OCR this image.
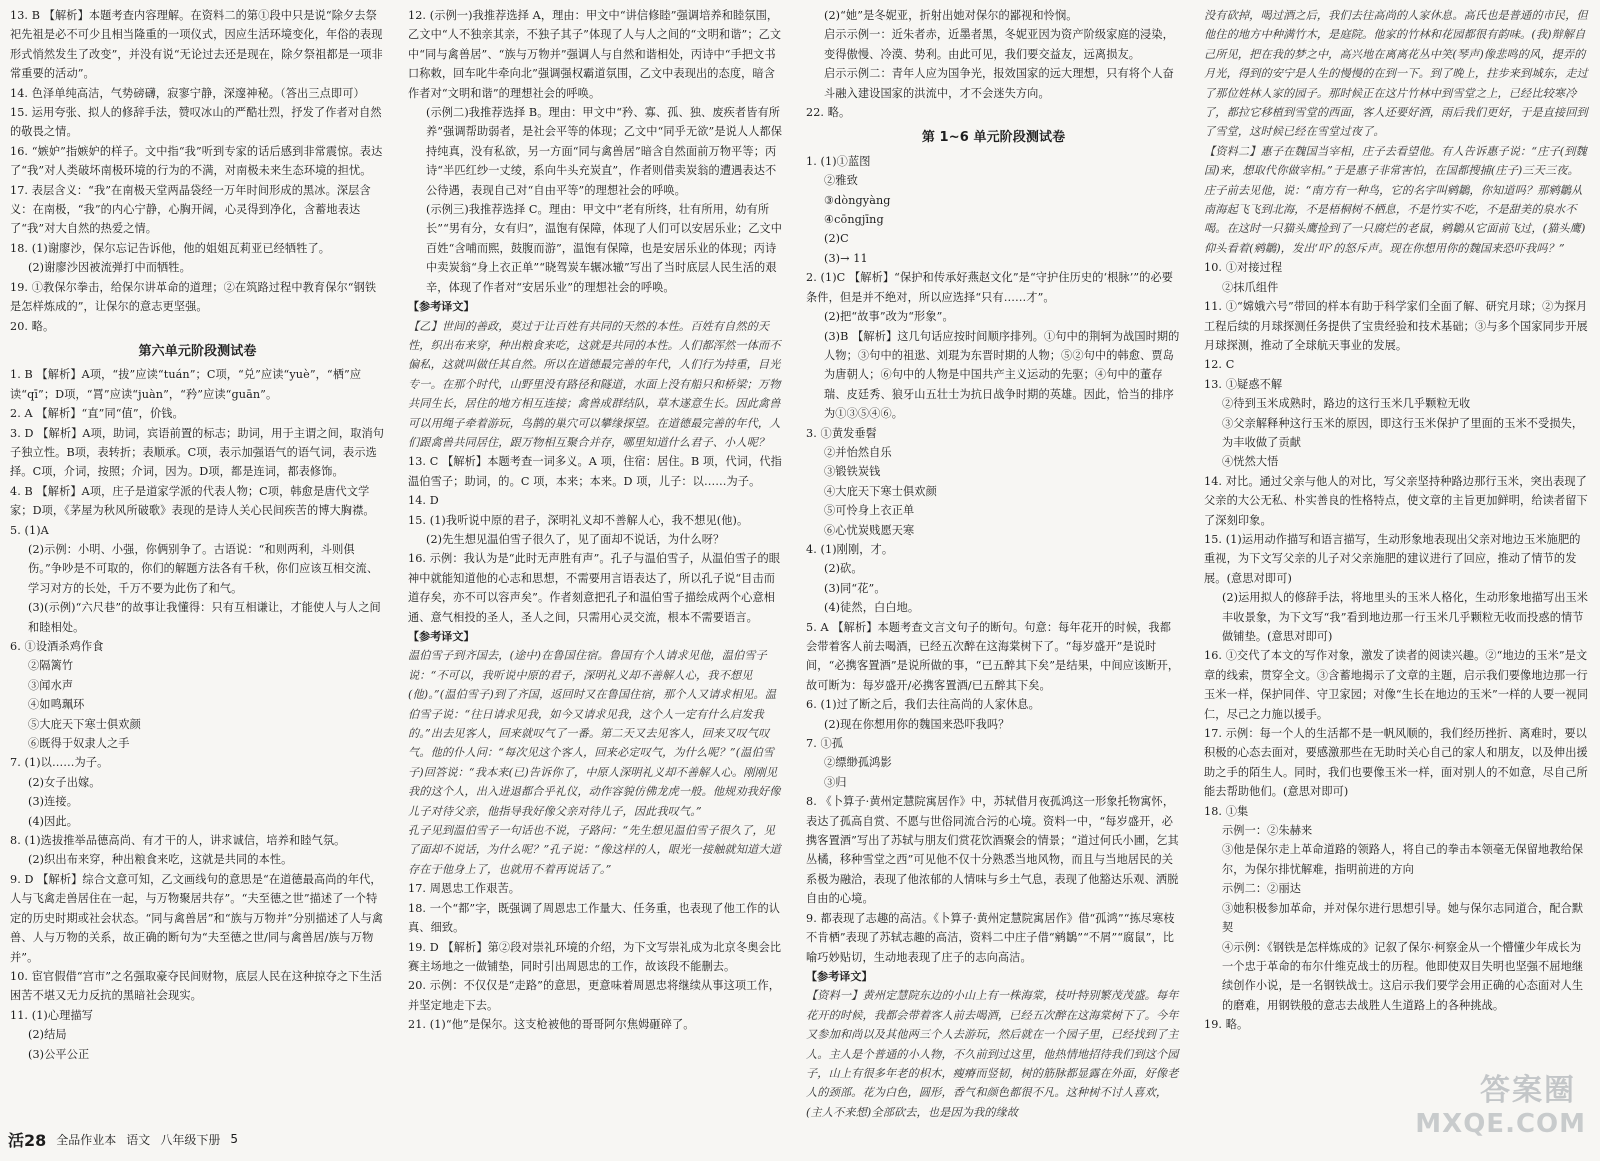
13. B 【解析】本题考查内容理解。在资料二的第①段中只是说“除夕去祭祀先祖是必不可少且相当隆重的一项仪式，因应生活环境变化，年俗的表现形式悄然发生了改变”，并没有说“无论过去还是现在，除夕祭祖都是一项非常重要的活动”。

14. 色泽单纯高洁，气势磅礴，寂寥宁静，深邃神秘。（答出三点即可）

15. 运用夸张、拟人的修辞手法，赞叹冰山的严酷壮烈，抒发了作者对自然的敬畏之情。

16. “嫉妒”指嫉妒的样子。文中指“我”听到专家的话后感到非常震惊。表达了“我”对人类破坏南极环境的行为的不满，对南极未来生态环境的担忧。

17. 表层含义：“我”在南极天堂两晶袋经一万年时间形成的黑冰。深层含义：在南极，“我”的内心宁静，心胸开阔，心灵得到净化，含蓄地表达了“我”对大自然的热爱之情。

18. (1)谢廖沙，保尔忘记告诉他，他的姐姐瓦莉亚已经牺牲了。

(2)谢廖沙因被流弹打中而牺牲。

19. ①教保尔拳击，给保尔讲革命的道理；②在筑路过程中教育保尔“钢铁是怎样炼成的”，让保尔的意志更坚强。

20. 略。

第六单元阶段测试卷

1. B 【解析】A项，“拔”应读“tuán”；C项，“兑”应读“yuè”，“栖”应读“qī”；D项，“罥”应读“juàn”，“矜”应读“guān”。

2. A 【解析】“直”同“值”，价钱。

3. D 【解析】A项，助词，宾语前置的标志；助词，用于主谓之间，取消句子独立性。B项，表转折；表顺承。C项，表示加强语气的语气词，表示选择。C项，介词，按照；介词，因为。D项，都是连词，都表修饰。

4. B 【解析】A项，庄子是道家学派的代表人物；C项，韩愈是唐代文学家；D项，《茅屋为秋风所破歌》表现的是诗人关心民间疾苦的博大胸襟。

5. (1)A

(2)示例：小明、小强，你俩别争了。古语说：“和则两利，斗则俱伤。”争吵是不可取的，你们的解题方法各有千秋，你们应该互相交流、学习对方的长处，千万不要为此伤了和气。

(3)(示例)“六尺巷”的故事让我懂得：只有互相谦让，才能使人与人之间和睦相处。

6. ①设酒杀鸡作食

②隔篱竹

③闻水声

④如鸣珮环

⑤大庇天下寒士俱欢颜

⑥既得于奴隶人之手

7. (1)以……为子。

(2)女子出嫁。

(3)连接。

(4)因此。

8. (1)选拔推举品德高尚、有才干的人，讲求诚信，培养和睦气氛。

(2)织出布来穿，种出粮食来吃，这就是共同的本性。

9. D 【解析】综合文意可知，乙文画线句的意思是“在道德最高尚的年代，人与飞禽走兽居住在一起，与万物聚居共存”。“夫至德之世”描述了一个特定的历史时期或社会状态。“同与禽兽居”和“族与万物并”分别描述了人与禽兽、人与万物的关系，故正确的断句为“夫至德之世/同与禽兽居/族与万物并”。

10. 宦官假借“宫市”之名强取豪夺民间财物，底层人民在这种掠夺之下生活困苦不堪又无力反抗的黑暗社会现实。

11. (1)心理描写

(2)结局

(3)公平公正

12. (示例一)我推荐选择 A，理由：甲文中“讲信修睦”强调培养和睦氛围，乙文中“人不独亲其亲，不独子其子”体现了人与人之间的“文明和谐”；乙文中“同与禽兽居”、“族与万物并”强调人与自然和谐相处，丙诗中“手把文书口称敕，回车叱牛牵向北”强调强权霸道氛围，乙文中表现出的态度，暗含作者对“文明和谐”的理想社会的呼唤。

(示例二)我推荐选择 B。理由：甲文中“矜、寡、孤、独、废疾者皆有所养”强调帮助弱者，是社会平等的体现；乙文中“同乎无欲”是说人人都保持纯真，没有私欲，另一方面“同与禽兽居”暗含自然面前万物平等；丙诗“半匹红纱一丈绫，系向牛头充炭直”，作者则借卖炭翁的遭遇表达不公待遇，表现自己对“自由平等”的理想社会的呼唤。

(示例三)我推荐选择 C。理由：甲文中“老有所终，壮有所用，幼有所长”“男有分，女有归”，温饱有保障，体现了人们可以安居乐业；乙文中百姓“含哺而熙，鼓腹而游”，温饱有保障，也是安居乐业的体现；丙诗中卖炭翁“身上衣正单”“晓驾炭车辗冰辙”写出了当时底层人民生活的艰辛，体现了作者对“安居乐业”的理想社会的呼唤。

【参考译文】

【乙】世间的善政，莫过于让百姓有共同的天然的本性。百姓有自然的天性，织出布来穿，种出粮食来吃，这就是共同的本性。人们都浑然一体而不偏私，这就叫做任其自然。所以在道德最完善的年代，人们行为持重，目光专一。在那个时代，山野里没有路径和隧道，水面上没有船只和桥梁；万物共同生长，居住的地方相互连接；禽兽成群结队，草木遂意生长。因此禽兽可以用绳子牵着游玩，鸟鹊的巢穴可以攀缘探望。在道德最完善的年代，人们跟禽兽共同居住，跟万物相互聚合并存，哪里知道什么君子、小人呢？

13. C 【解析】本题考查一词多义。A 项，住宿：居住。B 项，代词，代指温伯雪子；助词，的。C 项，本来；本来。D 项，儿子：以……为子。

14. D

15. (1)我听说中原的君子，深明礼义却不善解人心，我不想见(他)。

(2)先生想见温伯雪子很久了，见了面却不说话，为什么呀？

16. 示例：我认为是“此时无声胜有声”。孔子与温伯雪子，从温伯雪子的眼神中就能知道他的心志和思想，不需要用言语表达了，所以孔子说“目击而道存矣，亦不可以容声矣”。作者刻意把孔子和温伯雪子描绘成两个心意相通、意气相投的圣人，圣人之间，只需用心灵交流，根本不需要语言。

【参考译文】

温伯雪子到齐国去，(途中)在鲁国住宿。鲁国有个人请求见他，温伯雪子说：“不可以，我听说中原的君子，深明礼义却不善解人心，我不想见(他)。”(温伯雪子)到了齐国，返回时又在鲁国住宿，那个人又请求相见。温伯雪子说：“往日请求见我，如今又请求见我，这个人一定有什么启发我的。”出去见客人，回来就叹气了一番。第二天又去见客人，回来又叹气叹气。他的仆人问：“每次见这个客人，回来必定叹气，为什么呢？”(温伯雪子)回答说：“我本来(已)告诉你了，中原人深明礼义却不善解人心。刚刚见我的这个人，出入进退都合乎礼仪，动作容貌仿佛龙虎一般。他规劝我好像儿子对待父亲，他指导我好像父亲对待儿子，因此我叹气。”

孔子见到温伯雪子一句话也不说，子路问：“先生想见温伯雪子很久了，见了面却不说话，为什么呢？”孔子说：“像这样的人，眼光一接触就知道大道存在于他身上了，也就用不着再说话了。”

17. 周恩忠工作艰苦。

18. 一个“都”字，既强调了周恩忠工作量大、任务重，也表现了他工作的认真、细致。

19. D 【解析】第②段对崇礼环境的介绍，为下文写崇礼成为北京冬奥会比赛主场地之一做铺垫，同时引出周恩忠的工作，故该段不能删去。

20. 示例：不仅仅是“走路”的意思，更意味着周恩忠将继续从事这项工作，并坚定地走下去。

21. (1)“他”是保尔。这支枪被他的哥哥阿尔焦姆砸碎了。

(2)“她”是冬妮亚，折射出她对保尔的鄙视和怜悯。

启示示例一：近朱者赤，近墨者黑，冬妮亚因为资产阶级家庭的浸染，变得傲慢、冷漠、势利。由此可见，我们要交益友，远离损友。

启示示例二：青年人应为国争光，报效国家的远大理想，只有将个人奋斗融入建设国家的洪流中，才不会迷失方向。

22. 略。

第 1~6 单元阶段测试卷

1. (1)①蓝图

②雅致

③dòngyàng

④cōngjīng

(2)C

(3)→ 11

2. (1)C 【解析】“保护和传承好燕赵文化”是“守护住历史的‘根脉’”的必要条件，但是并不绝对，所以应选择“只有……才”。

(2)把“故事”改为“形象”。

(3)B 【解析】这几句话应按时间顺序排列。①句中的荆轲为战国时期的人物；③句中的祖逖、刘琨为东晋时期的人物；⑤②句中的韩愈、贾岛为唐朝人；⑥句中的人物是中国共产主义运动的先驱；④句中的董存瑞、皮廷秀、狼牙山五壮士为抗日战争时期的英雄。因此，恰当的排序为①③⑤④⑥。

3. ①黄发垂髫

②并怡然自乐

③锻铁炭钱

④大庇天下寒士俱欢颜

⑤可怜身上衣正单

⑥心忧炭贱愿天寒

4. (1)刚刚，才。

(2)砍。

(3)同“花”。

(4)徒然，白白地。

5. A 【解析】本题考查文言文句子的断句。句意：每年花开的时候，我都会带着客人前去喝酒，已经五次醉在这海棠树下了。“每岁盛开”是说时间，“必携客置酒”是说所做的事，“已五醉其下矣”是结果，中间应该断开，故可断为：每岁盛开/必携客置酒/已五醉其下矣。

6. (1)过了断之后，我们去往高尚的人家休息。

(2)现在你想用你的魏国来恐吓我吗？

7. ①孤

②缥缈孤鸿影

③归

8. 《卜算子·黄州定慧院寓居作》中，苏轼借月夜孤鸿这一形象托物寓怀，表达了孤高自赏、不愿与世俗同流合污的心境。资料一中，“每岁盛开，必携客置酒”写出了苏轼与朋友们赏花饮酒聚会的情景；“道过何氏小圃，乞其丛橘，移种雪堂之西”可见他不仅十分熟悉当地风物，而且与当地居民的关系极为融洽，表现了他浓郁的人情味与乡土气息，表现了他豁达乐观、洒脱自由的心境。

9. 都表现了志趣的高洁。《卜算子·黄州定慧院寓居作》借“孤鸿”“拣尽寒枝不肯栖”表现了苏轼志趣的高洁，资料二中庄子借“鹓鶵”“不屑”“腐鼠”，比喻巧妙贴切，生动地表现了庄子的志向高洁。

【参考译文】

【资料一】黄州定慧院东边的小山上有一株海棠，枝叶特别繁茂茂盛。每年花开的时候，我都会带着客人前去喝酒，已经五次醉在这海棠树下了。今年又参加和尚以及其他两三个人去游玩，然后就在一个园子里，已经找到了主人。主人是个普通的小人物，不久前到过这里，他热情地招待我们到这个园子，山上有很多年老的枳木，瘦瘠而竖韧，树的筋脉都显露在外面，好像老人的颈部。花为白色，圆形，香气和颜色都很不凡。这种树不讨人喜欢，(主人不来想)全部砍去，也是因为我的缘故

没有砍掉，喝过酒之后，我们去往高尚的人家休息。高氏也是普通的市民，但他住的地方中种满竹木，是庭院。他家的竹林和花园都很有韵味。(我)辩解自己所见，把在我的梦之中，高兴地在离离花丛中笑(琴声)像悲鸣的风，提弄的月光，得到的安宁是人生的慢慢的在到一下。到了晚上，拄步来到城东，走过了那位姓林人家的园子。那时候正在这片竹林中到雪堂之上，已经比较寒冷了，都拉它移植到雪堂的西面，客人还要好酒，雨后我们更好，于是直接回到了雪堂，这时候已经在雪堂过夜了。

【资料二】惠子在魏国当宰相，庄子去看望他。有人告诉惠子说：“庄子(到魏国)来，想取代你做宰相。”于是惠子非常害怕，在国都搜捕(庄子)三天三夜。

庄子前去见他，说：“南方有一种鸟，它的名字叫鹓鶵，你知道吗？那鹓鶵从南海起飞飞到北海，不是梧桐树不栖息，不是竹实不吃，不是甜美的泉水不喝。在这时一只猫头鹰捡到了一只腐烂的老鼠，鹓鶵从它面前飞过，(猫头鹰)仰头看着(鹓鶵)，发出‘吓’的怒斥声。现在你想用你的魏国来恐吓我吗？”

10. ①对接过程

②抹爪组件

11. ①“嫦娥六号”带回的样本有助于科学家们全面了解、研究月球；②为探月工程后续的月球探测任务提供了宝贵经验和技术基础；③与多个国家同步开展月球探测，推动了全球航天事业的发展。

12. C

13. ①疑惑不解

②待到玉米成熟时，路边的这行玉米几乎颗粒无收

③父亲解释种这行玉米的原因，即这行玉米保护了里面的玉米不受损失，为丰收做了贡献

④恍然大悟

14. 对比。通过父亲与他人的对比，写父亲坚持种路边那行玉米，突出表现了父亲的大公无私、朴实善良的性格特点，使文章的主旨更加鲜明，给读者留下了深刻印象。

15. (1)运用动作描写和语言描写，生动形象地表现出父亲对地边玉米施肥的重视，为下文写父亲的儿子对父亲施肥的建议进行了回应，推动了情节的发展。(意思对即可)

(2)运用拟人的修辞手法，将地里头的玉米人格化，生动形象地描写出玉米丰收景象，为下文写“我”看到地边那一行玉米几乎颗粒无收而投惑的情节做铺垫。(意思对即可)

16. ①交代了本文的写作对象，激发了读者的阅读兴趣。②“地边的玉米”是文章的线索，贯穿全文。③含蓄地揭示了文章的主题，启示我们要像地边那一行玉米一样，保护同伴、守卫家园；对像“生长在地边的玉米”一样的人要一视同仁，尽己之力施以援手。

17. 示例：每一个人的生活都不是一帆风顺的，我们经历挫折、离难时，要以积极的心态去面对，要感激那些在无助时关心自己的家人和朋友，以及伸出援助之手的陌生人。同时，我们也要像玉米一样，面对别人的不如意，尽自己所能去帮助他们。(意思对即可)

18. ①集

示例一：②朱赫来

③他是保尔走上革命道路的领路人，将自己的拳击本领毫无保留地教给保尔，为保尔排忧解难，指明前进的方向

示例二：②丽达

③她积极参加革命，并对保尔进行思想引导。她与保尔志同道合，配合默契

④示例：《钢铁是怎样炼成的》记叙了保尔·柯察金从一个懵懂少年成长为一个忠于革命的布尔什维克战士的历程。他即使双目失明也坚强不屈地继续创作小说，是一名钢铁战士。这启示我们要学会用正确的心态面对人生的磨难，用钢铁般的意志去战胜人生道路上的各种挑战。

19. 略。

活28 全品作业本 语文 八年级下册 5
答案圈
MXQE.COM
